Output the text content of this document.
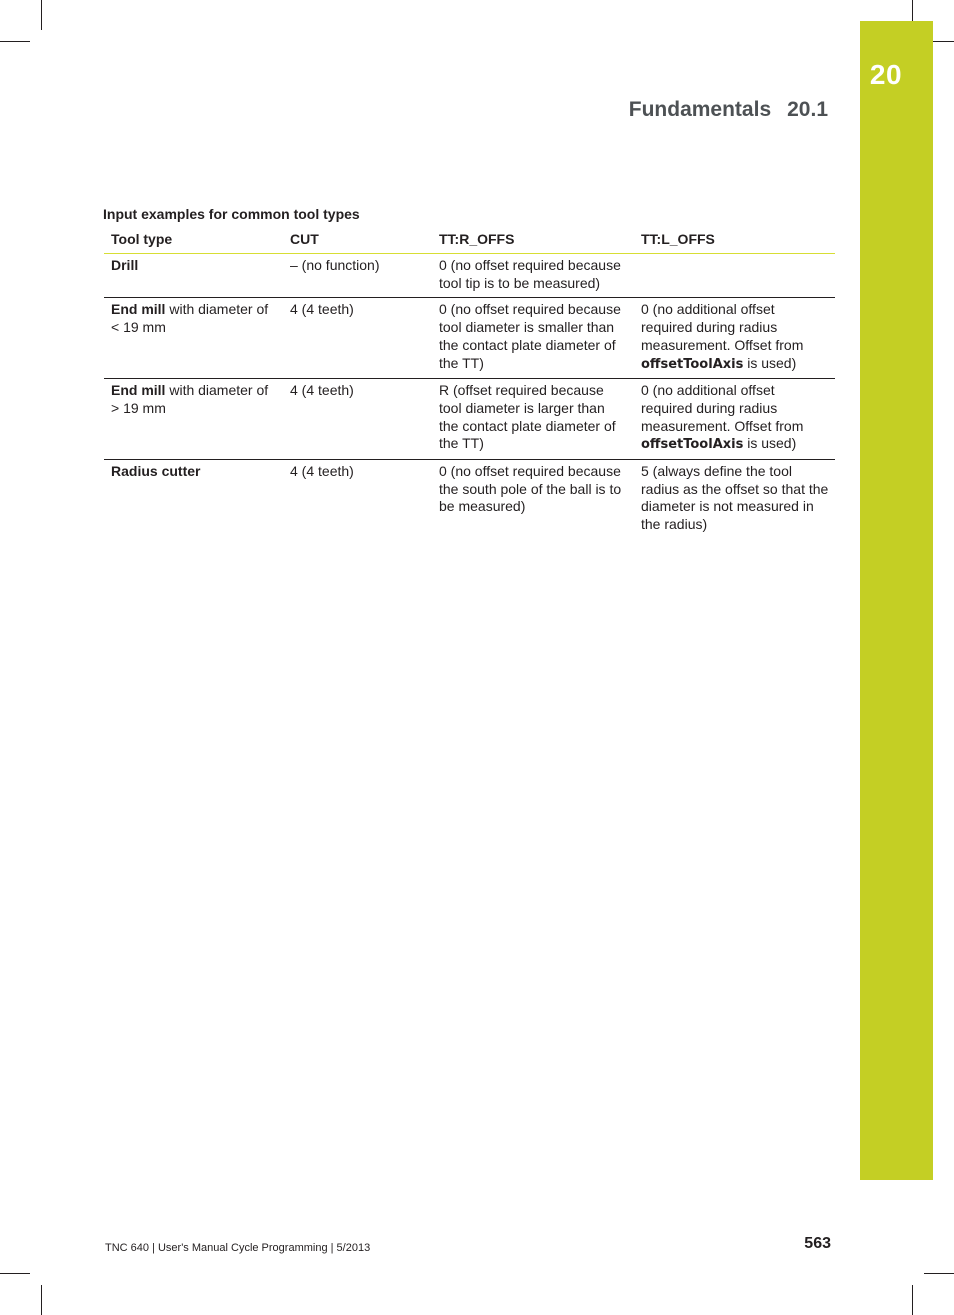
20
Fundamentals 20.1
Input examples for common tool types
Tool type	CUT	TT:R_OFFS	TT:L_OFFS
Drill	– (no function)	0 (no offset required because tool tip is to be measured)	
End mill with diameter of < 19 mm	4 (4 teeth)	0 (no offset required because tool diameter is smaller than the contact plate diameter of the TT)	0 (no additional offset required during radius measurement. Offset from offsetToolAxis is used)
End mill with diameter of > 19 mm	4 (4 teeth)	R (offset required because tool diameter is larger than the contact plate diameter of the TT)	0 (no additional offset required during radius measurement. Offset from offsetToolAxis is used)
Radius cutter	4 (4 teeth)	0 (no offset required because the south pole of the ball is to be measured)	5 (always define the tool radius as the offset so that the diameter is not measured in the radius)
TNC 640 | User's Manual Cycle Programming | 5/2013	563
